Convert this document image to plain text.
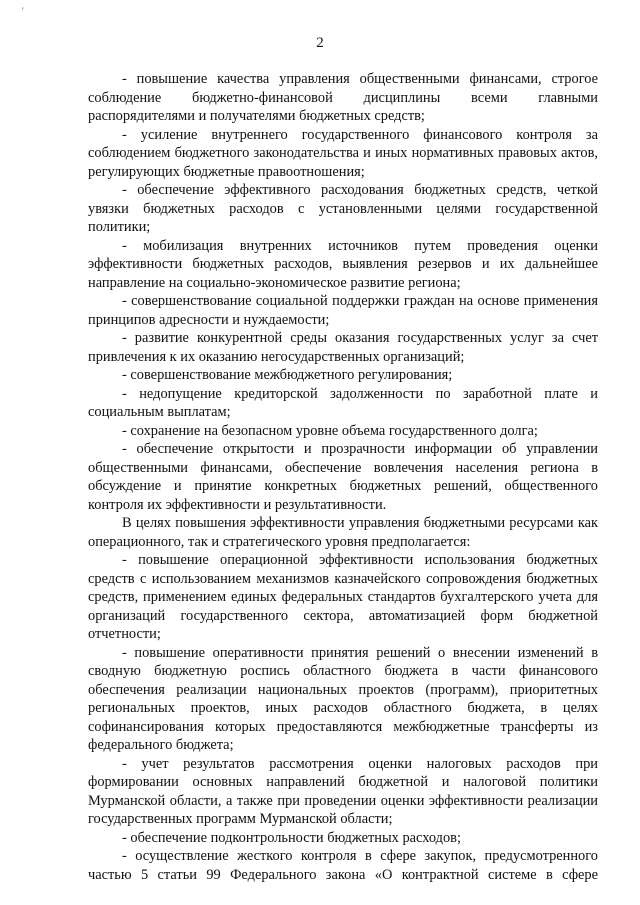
'
2

- повышение качества управления общественными финансами, строгое соблюдение бюджетно-финансовой дисциплины всеми главными распорядителями и получателями бюджетных средств;

- усиление внутреннего государственного финансового контроля за соблюдением бюджетного законодательства и иных нормативных правовых актов, регулирующих бюджетные правоотношения;

- обеспечение эффективного расходования бюджетных средств, четкой увязки бюджетных расходов с установленными целями государственной политики;

- мобилизация внутренних источников путем проведения оценки эффективности бюджетных расходов, выявления резервов и их дальнейшее направление на социально-экономическое развитие региона;

- совершенствование социальной поддержки граждан на основе применения принципов адресности и нуждаемости;

- развитие конкурентной среды оказания государственных услуг за счет привлечения к их оказанию негосударственных организаций;

- совершенствование межбюджетного регулирования;

- недопущение кредиторской задолженности по заработной плате и социальным выплатам;

- сохранение на безопасном уровне объема государственного долга;

- обеспечение открытости и прозрачности информации об управлении общественными финансами, обеспечение вовлечения населения региона в обсуждение и принятие конкретных бюджетных решений, общественного контроля их эффективности и результативности.

В целях повышения эффективности управления бюджетными ресурсами как операционного, так и стратегического уровня предполагается:

- повышение операционной эффективности использования бюджетных средств с использованием механизмов казначейского сопровождения бюджетных средств, применением единых федеральных стандартов бухгалтерского учета для организаций государственного сектора, автоматизацией форм бюджетной отчетности;

- повышение оперативности принятия решений о внесении изменений в сводную бюджетную роспись областного бюджета в части финансового обеспечения реализации национальных проектов (программ), приоритетных региональных проектов, иных расходов областного бюджета, в целях софинансирования которых предоставляются межбюджетные трансферты из федерального бюджета;

- учет результатов рассмотрения оценки налоговых расходов при формировании основных направлений бюджетной и налоговой политики Мурманской области, а также при проведении оценки эффективности реализации государственных программ Мурманской области;

- обеспечение подконтрольности бюджетных расходов;

- осуществление жесткого контроля в сфере закупок, предусмотренного частью 5 статьи 99 Федерального закона «О контрактной системе в сфере
